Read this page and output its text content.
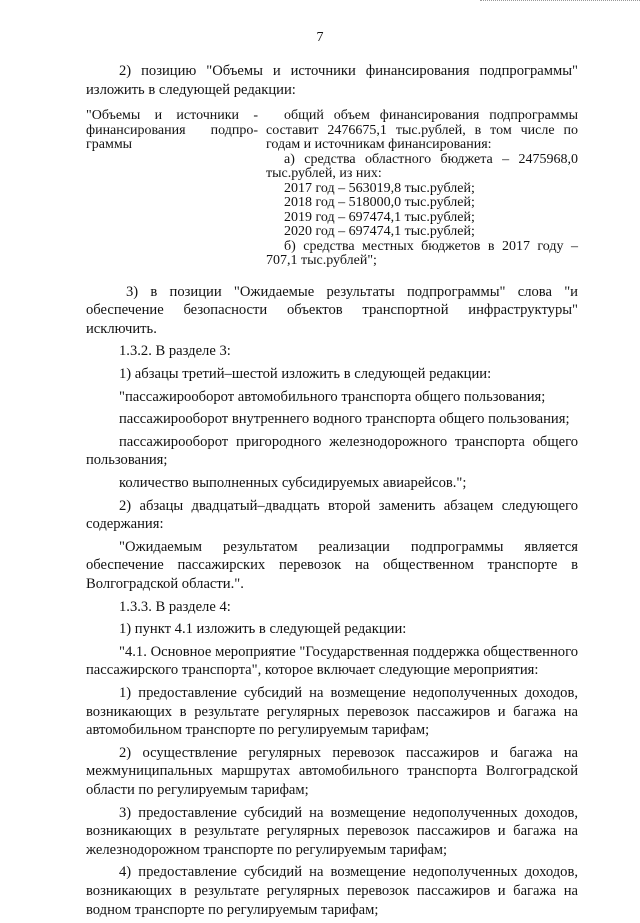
7

2) позицию "Объемы и источники финансирования подпрограммы" изложить в следующей редакции:

"Объемы и источники - финансирования подпро- граммы

общий объем финансирования подпрограммы составит 2476675,1 тыс.рублей, в том числе по годам и источникам финансирования:

а) средства областного бюджета – 2475968,0 тыс.рублей, из них:

2017 год – 563019,8 тыс.рублей;

2018 год – 518000,0 тыс.рублей;

2019 год – 697474,1 тыс.рублей;

2020 год – 697474,1 тыс.рублей;

б) средства местных бюджетов в 2017 году – 707,1 тыс.рублей";

3) в позиции "Ожидаемые результаты подпрограммы" слова "и обеспечение безопасности объектов транспортной инфраструктуры" исключить.

1.3.2. В разделе 3:

1) абзацы третий–шестой изложить в следующей редакции:

"пассажирооборот автомобильного транспорта общего пользования;

пассажирооборот внутреннего водного транспорта общего пользования;

пассажирооборот пригородного железнодорожного транспорта общего пользования;

количество выполненных субсидируемых авиарейсов.";

2) абзацы двадцатый–двадцать второй заменить абзацем следующего содержания:

"Ожидаемым результатом реализации подпрограммы является обеспечение пассажирских перевозок на общественном транспорте в Волгоградской области.".

1.3.3. В разделе 4:

1) пункт 4.1 изложить в следующей редакции:

"4.1. Основное мероприятие "Государственная поддержка общественного пассажирского транспорта", которое включает следующие мероприятия:

1) предоставление субсидий на возмещение недополученных доходов, возникающих в результате регулярных перевозок пассажиров и багажа на автомобильном транспорте по регулируемым тарифам;

2) осуществление регулярных перевозок пассажиров и багажа на межмуниципальных маршрутах автомобильного транспорта Волгоградской области по регулируемым тарифам;

3) предоставление субсидий на возмещение недополученных доходов, возникающих в результате регулярных перевозок пассажиров и багажа на железнодорожном транспорте по регулируемым тарифам;

4) предоставление субсидий на возмещение недополученных доходов, возникающих в результате регулярных перевозок пассажиров и багажа на водном транспорте по регулируемым тарифам;
